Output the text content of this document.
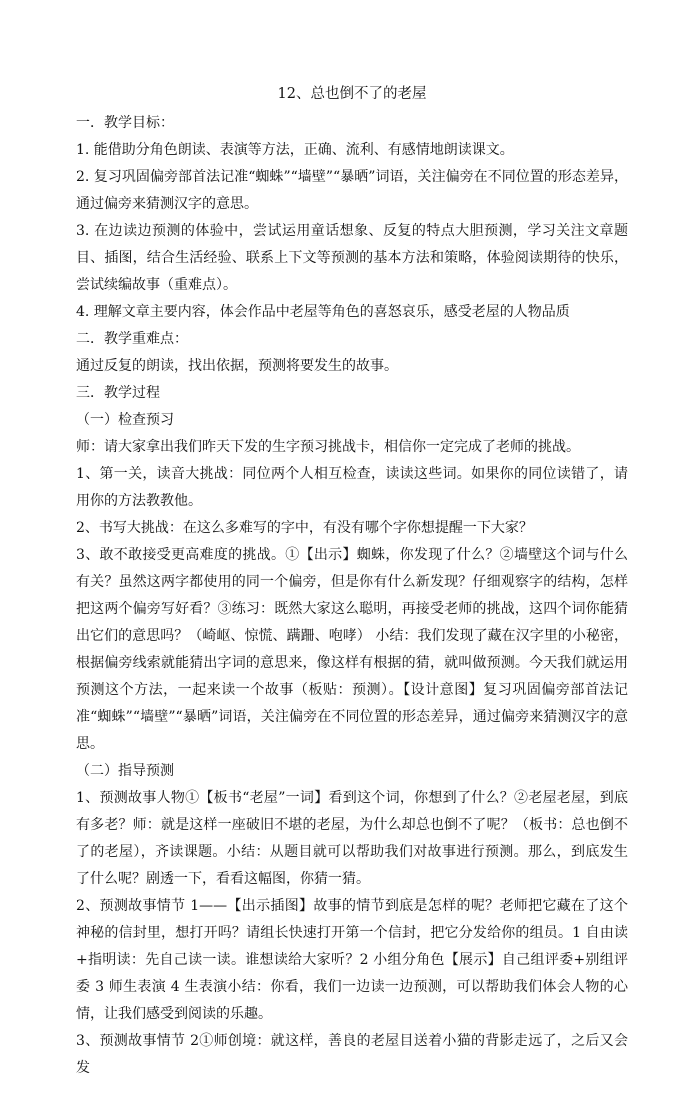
12、总也倒不了的老屋

一．教学目标：

1. 能借助分角色朗读、表演等方法，正确、流利、有感情地朗读课文。

2. 复习巩固偏旁部首法记准“蜘蛛”“墙壁”“暴晒”词语，关注偏旁在不同位置的形态差异，通过偏旁来猜测汉字的意思。

3. 在边读边预测的体验中，尝试运用童话想象、反复的特点大胆预测，学习关注文章题目、插图，结合生活经验、联系上下文等预测的基本方法和策略，体验阅读期待的快乐，尝试续编故事（重难点）。

4. 理解文章主要内容，体会作品中老屋等角色的喜怒哀乐，感受老屋的人物品质

二．教学重难点：

通过反复的朗读，找出依据，预测将要发生的故事。

三．教学过程

（一）检查预习

师：请大家拿出我们昨天下发的生字预习挑战卡，相信你一定完成了老师的挑战。

1、第一关，读音大挑战：同位两个人相互检查，读读这些词。如果你的同位读错了，请用你的方法教教他。

2、书写大挑战：在这么多难写的字中，有没有哪个字你想提醒一下大家？

3、敢不敢接受更高难度的挑战。①【出示】蜘蛛，你发现了什么？②墙壁这个词与什么有关？虽然这两字都使用的同一个偏旁，但是你有什么新发现？仔细观察字的结构，怎样把这两个偏旁写好看？③练习：既然大家这么聪明，再接受老师的挑战，这四个词你能猜出它们的意思吗？（崎岖、惊慌、蹒跚、咆哮） 小结：我们发现了藏在汉字里的小秘密，根据偏旁线索就能猜出字词的意思来，像这样有根据的猜，就叫做预测。今天我们就运用预测这个方法，一起来读一个故事（板贴：预测）。【设计意图】复习巩固偏旁部首法记准“蜘蛛”“墙壁”“暴晒”词语，关注偏旁在不同位置的形态差异，通过偏旁来猜测汉字的意思。

（二）指导预测

1、预测故事人物①【板书“老屋”一词】看到这个词，你想到了什么？②老屋老屋，到底有多老？师：就是这样一座破旧不堪的老屋，为什么却总也倒不了呢？（板书：总也倒不了的老屋），齐读课题。小结：从题目就可以帮助我们对故事进行预测。那么，到底发生了什么呢？剧透一下，看看这幅图，你猜一猜。

2、预测故事情节 1——【出示插图】故事的情节到底是怎样的呢？老师把它藏在了这个神秘的信封里，想打开吗？请组长快速打开第一个信封，把它分发给你的组员。1 自由读+指明读：先自己读一读。谁想读给大家听？2 小组分角色【展示】自己组评委+别组评委 3 师生表演 4 生表演小结：你看，我们一边读一边预测，可以帮助我们体会人物的心情，让我们感受到阅读的乐趣。

3、预测故事情节 2①师创境：就这样，善良的老屋目送着小猫的背影走远了，之后又会发
